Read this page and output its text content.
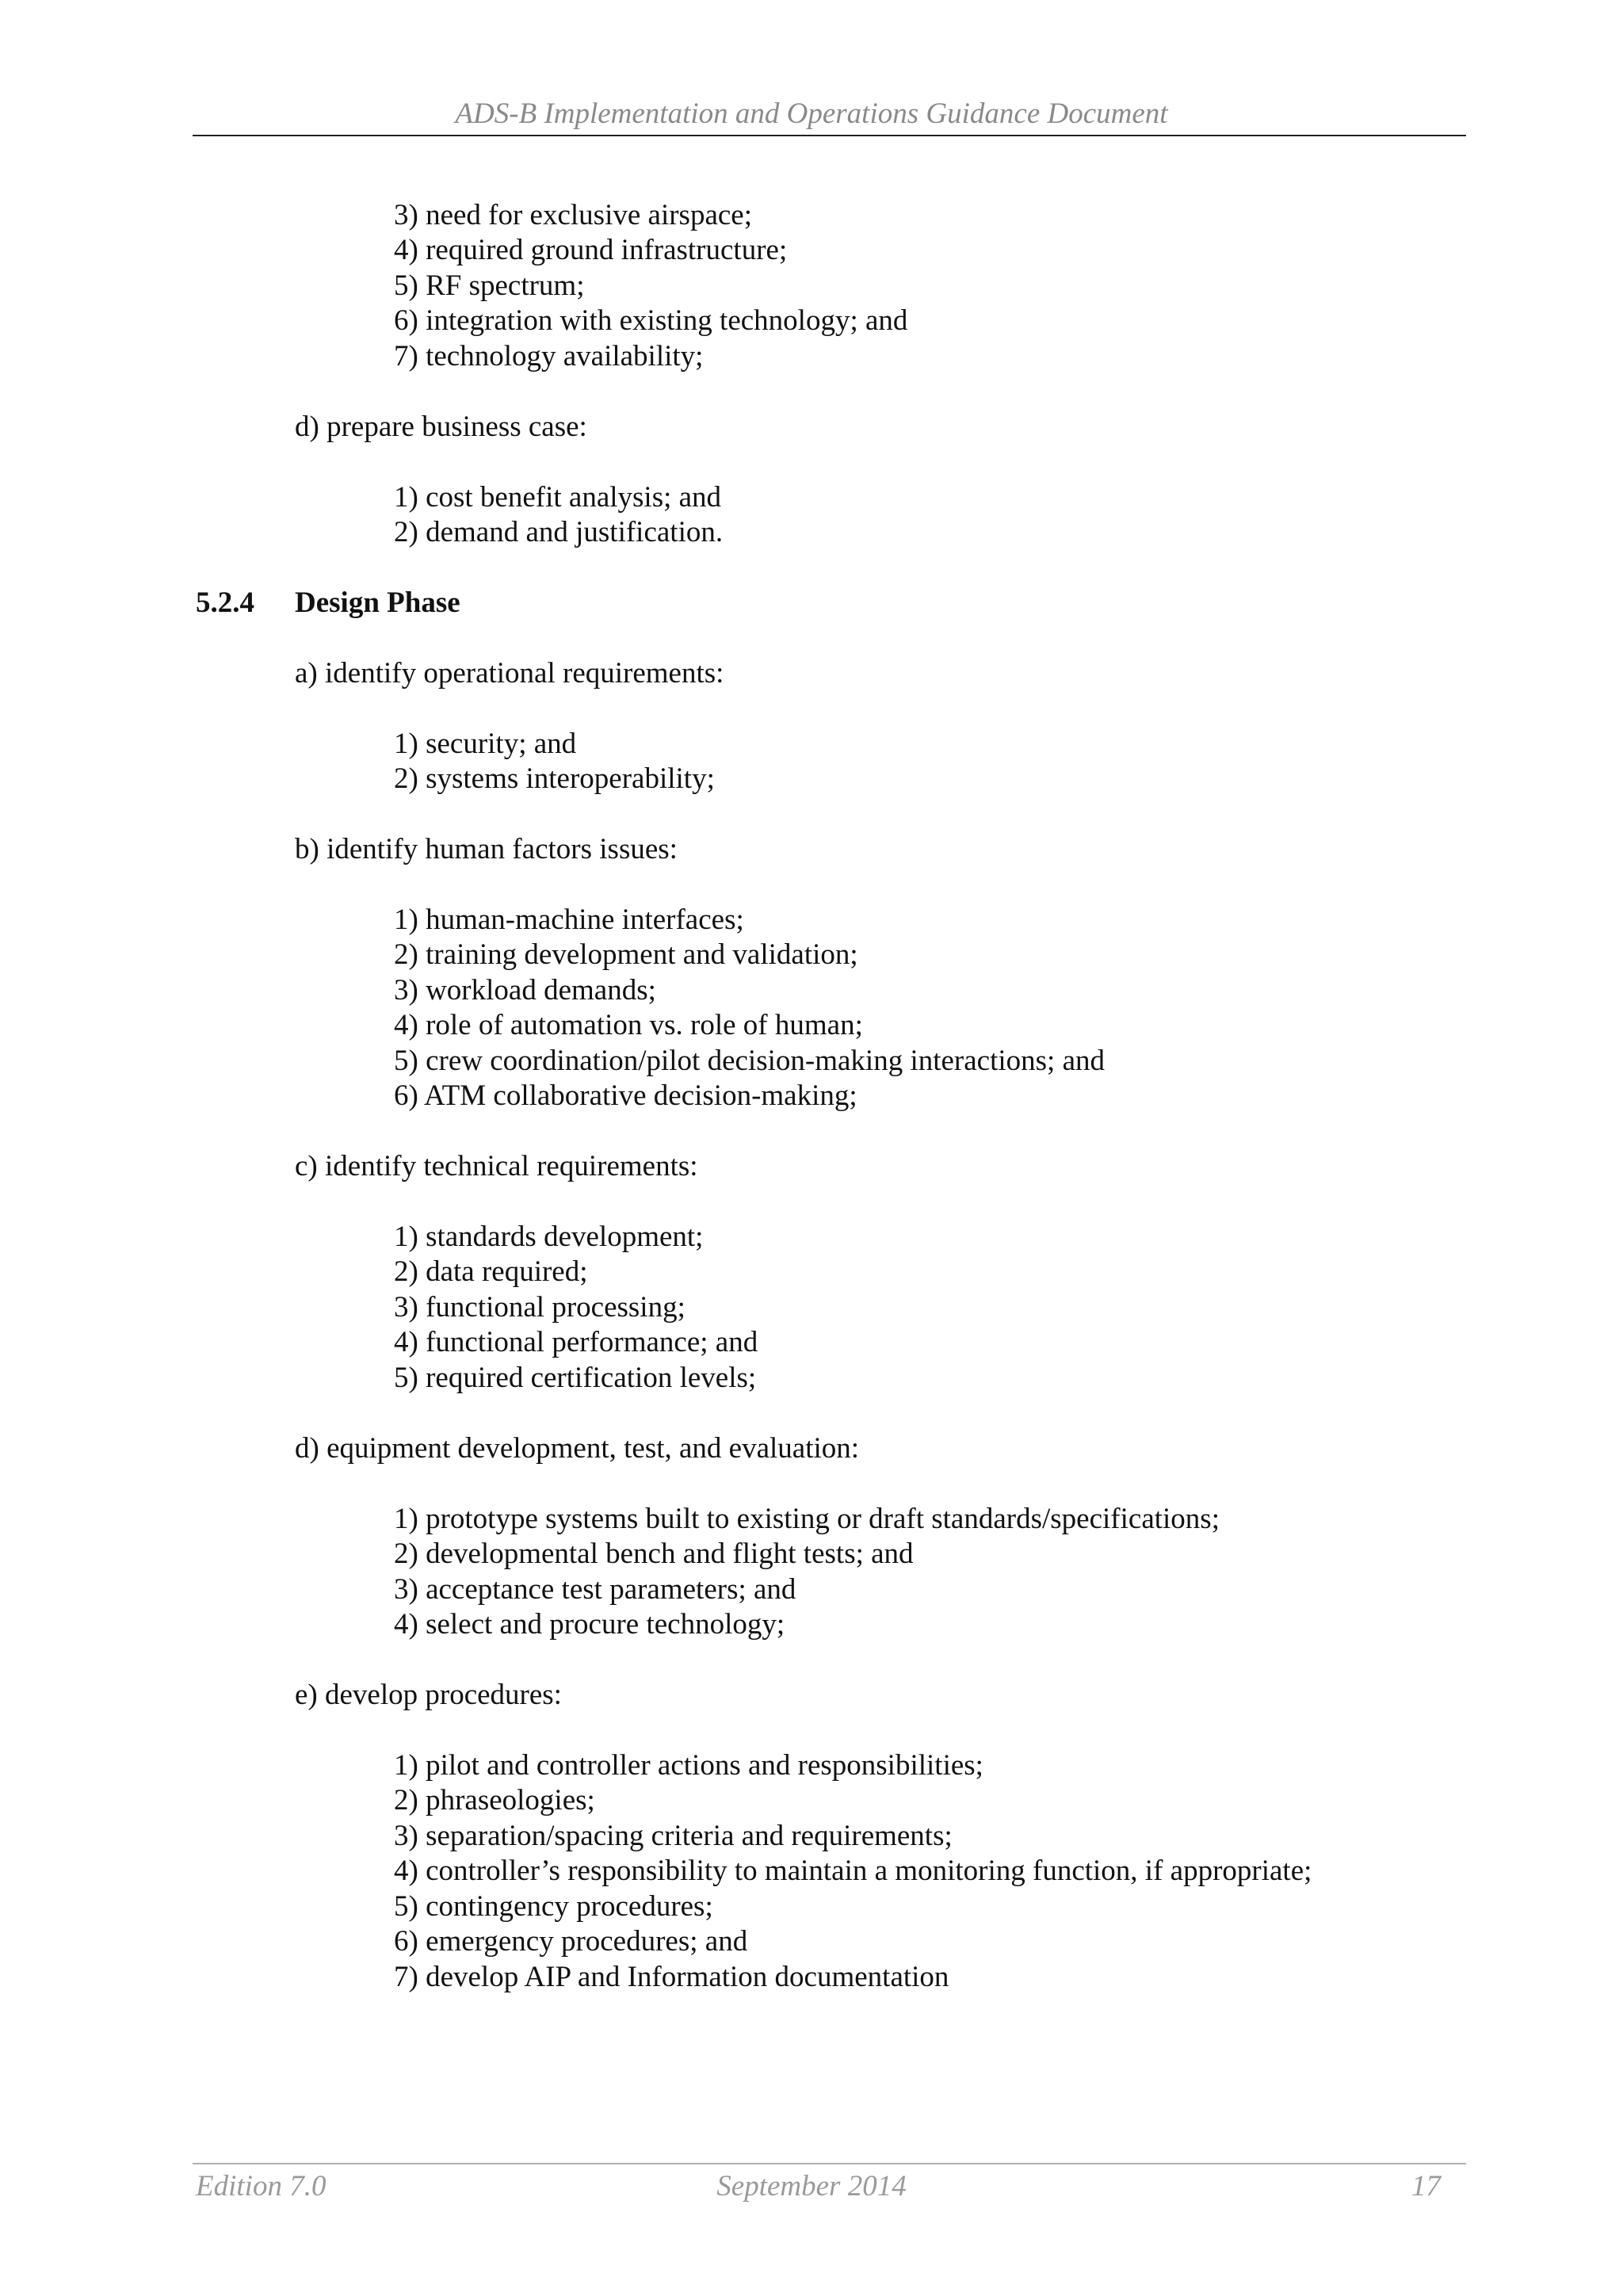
ADS-B Implementation and Operations Guidance Document
3) need for exclusive airspace;
4) required ground infrastructure;
5) RF spectrum;
6) integration with existing technology; and
7) technology availability;
d) prepare business case:
1) cost benefit analysis; and
2) demand and justification.
5.2.4 Design Phase
a) identify operational requirements:
1) security; and
2) systems interoperability;
b) identify human factors issues:
1) human-machine interfaces;
2) training development and validation;
3) workload demands;
4) role of automation vs. role of human;
5) crew coordination/pilot decision-making interactions; and
6) ATM collaborative decision-making;
c) identify technical requirements:
1) standards development;
2) data required;
3) functional processing;
4) functional performance; and
5) required certification levels;
d) equipment development, test, and evaluation:
1) prototype systems built to existing or draft standards/specifications;
2) developmental bench and flight tests; and
3) acceptance test parameters; and
4) select and procure technology;
e) develop procedures:
1) pilot and controller actions and responsibilities;
2) phraseologies;
3) separation/spacing criteria and requirements;
4) controller’s responsibility to maintain a monitoring function, if appropriate;
5) contingency procedures;
6) emergency procedures; and
7) develop AIP and Information documentation
Edition 7.0	September 2014	17
